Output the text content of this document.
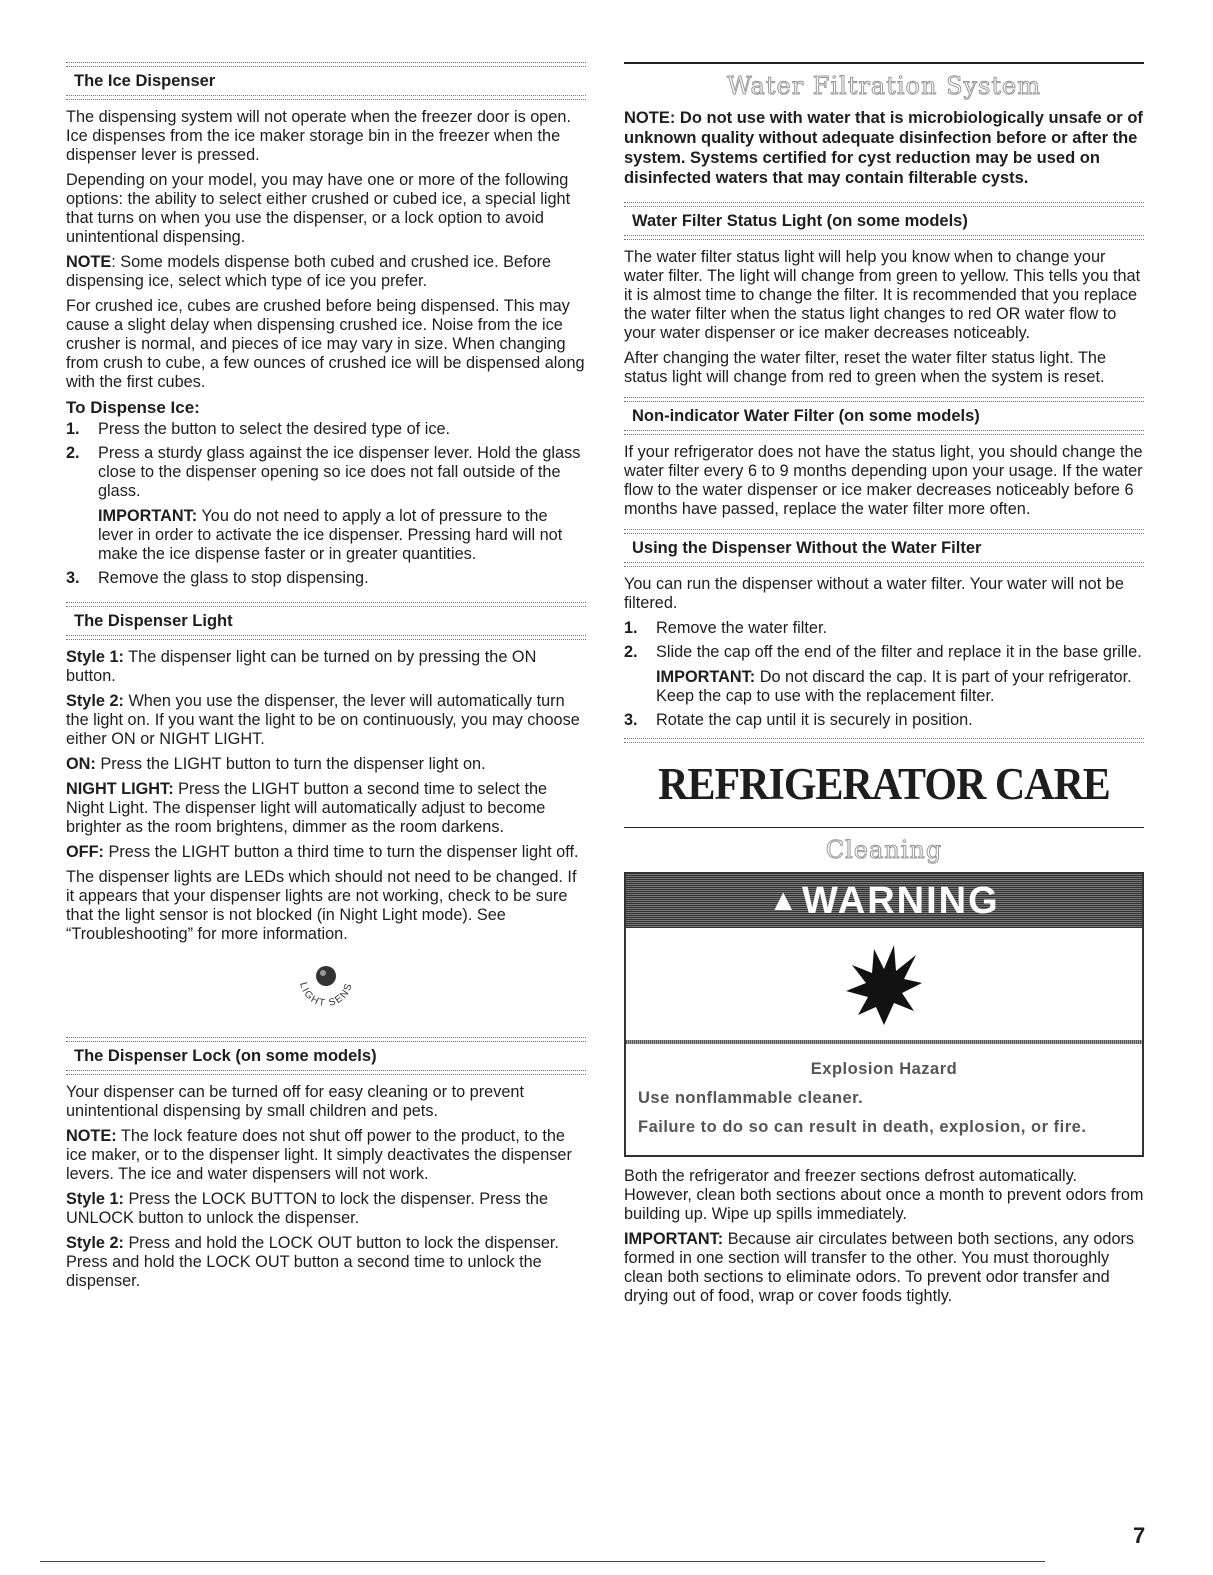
The Ice Dispenser

The dispensing system will not operate when the freezer door is open. Ice dispenses from the ice maker storage bin in the freezer when the dispenser lever is pressed.

Depending on your model, you may have one or more of the following options: the ability to select either crushed or cubed ice, a special light that turns on when you use the dispenser, or a lock option to avoid unintentional dispensing.

NOTE: Some models dispense both cubed and crushed ice. Before dispensing ice, select which type of ice you prefer.

For crushed ice, cubes are crushed before being dispensed. This may cause a slight delay when dispensing crushed ice. Noise from the ice crusher is normal, and pieces of ice may vary in size. When changing from crush to cube, a few ounces of crushed ice will be dispensed along with the first cubes.

To Dispense Ice:
1. Press the button to select the desired type of ice.
2. Press a sturdy glass against the ice dispenser lever. Hold the glass close to the dispenser opening so ice does not fall outside of the glass.

IMPORTANT: You do not need to apply a lot of pressure to the lever in order to activate the ice dispenser. Pressing hard will not make the ice dispense faster or in greater quantities.

3. Remove the glass to stop dispensing.
The Dispenser Light

Style 1: The dispenser light can be turned on by pressing the ON button.

Style 2: When you use the dispenser, the lever will automatically turn the light on. If you want the light to be on continuously, you may choose either ON or NIGHT LIGHT.

ON: Press the LIGHT button to turn the dispenser light on.

NIGHT LIGHT: Press the LIGHT button a second time to select the Night Light. The dispenser light will automatically adjust to become brighter as the room brightens, dimmer as the room darkens.

OFF: Press the LIGHT button a third time to turn the dispenser light off.

The dispenser lights are LEDs which should not need to be changed. If it appears that your dispenser lights are not working, check to be sure that the light sensor is not blocked (in Night Light mode). See “Troubleshooting” for more information.

LIGHT SENS
The Dispenser Lock (on some models)

Your dispenser can be turned off for easy cleaning or to prevent unintentional dispensing by small children and pets.

NOTE: The lock feature does not shut off power to the product, to the ice maker, or to the dispenser light. It simply deactivates the dispenser levers. The ice and water dispensers will not work.

Style 1: Press the LOCK BUTTON to lock the dispenser. Press the UNLOCK button to unlock the dispenser.

Style 2: Press and hold the LOCK OUT button to lock the dispenser. Press and hold the LOCK OUT button a second time to unlock the dispenser.

Water Filtration System

NOTE: Do not use with water that is microbiologically unsafe or of unknown quality without adequate disinfection before or after the system. Systems certified for cyst reduction may be used on disinfected waters that may contain filterable cysts.

Water Filter Status Light (on some models)

The water filter status light will help you know when to change your water filter. The light will change from green to yellow. This tells you that it is almost time to change the filter. It is recommended that you replace the water filter when the status light changes to red OR water flow to your water dispenser or ice maker decreases noticeably.

After changing the water filter, reset the water filter status light. The status light will change from red to green when the system is reset.

Non-indicator Water Filter (on some models)

If your refrigerator does not have the status light, you should change the water filter every 6 to 9 months depending upon your usage. If the water flow to the water dispenser or ice maker decreases noticeably before 6 months have passed, replace the water filter more often.

Using the Dispenser Without the Water Filter

You can run the dispenser without a water filter. Your water will not be filtered.

1. Remove the water filter.
2. Slide the cap off the end of the filter and replace it in the base grille.

IMPORTANT: Do not discard the cap. It is part of your refrigerator. Keep the cap to use with the replacement filter.

3. Rotate the cap until it is securely in position.
REFRIGERATOR CARE
Cleaning
▲ WARNING

Explosion Hazard

Use nonflammable cleaner.

Failure to do so can result in death, explosion, or fire.

Both the refrigerator and freezer sections defrost automatically. However, clean both sections about once a month to prevent odors from building up. Wipe up spills immediately.

IMPORTANT: Because air circulates between both sections, any odors formed in one section will transfer to the other. You must thoroughly clean both sections to eliminate odors. To prevent odor transfer and drying out of food, wrap or cover foods tightly.

7
